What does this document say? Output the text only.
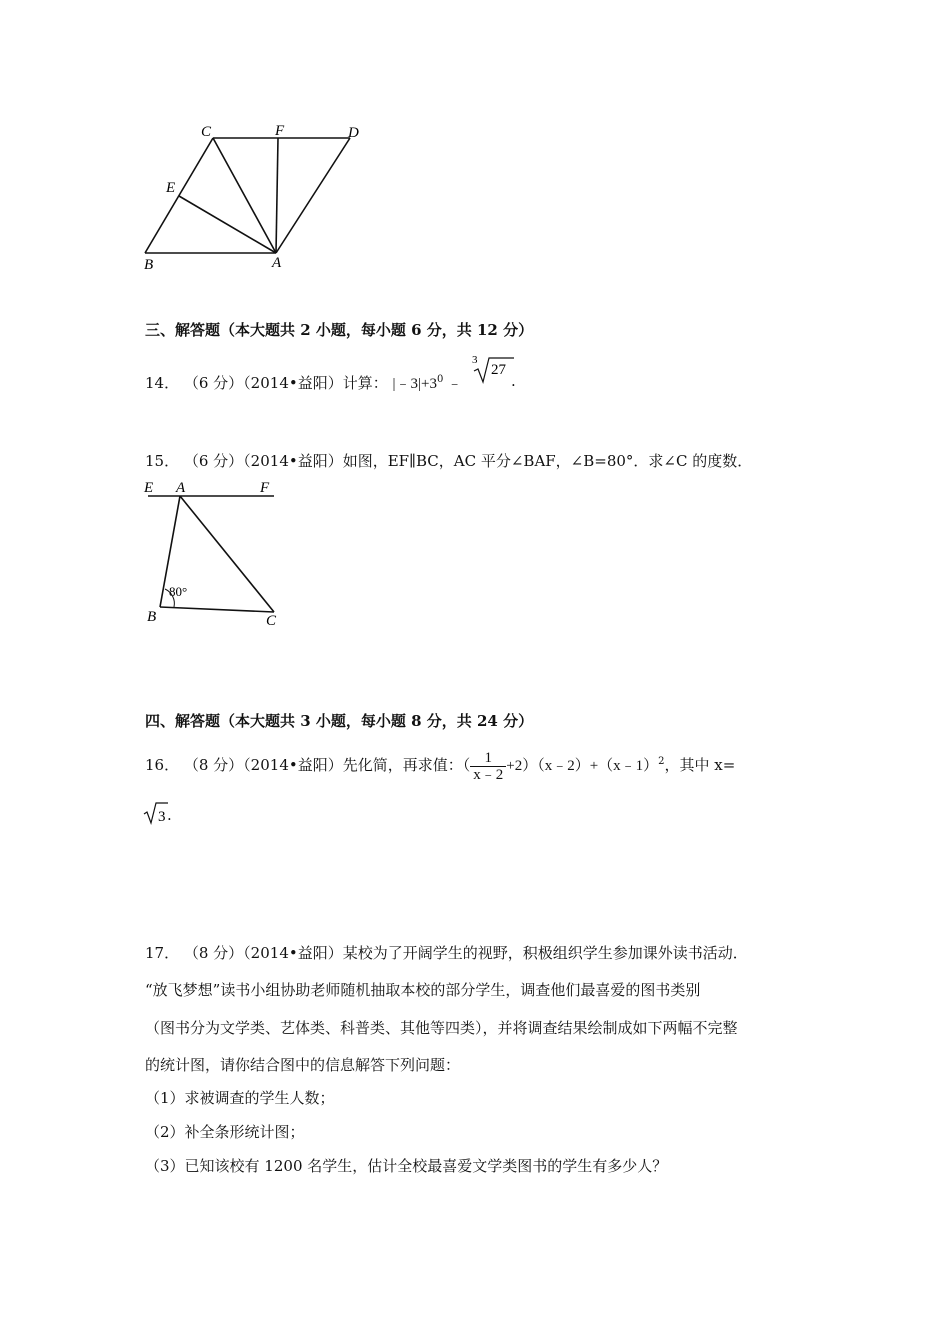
C	F	D
E
B	A
三、解答题（本大题共 2 小题，每小题 6 分，共 12 分）
14． （6 分）（2014•益阳）计算： $|﹣3|+3^0$ ﹣
3
27
.
15． （6 分）（2014•益阳）如图，EF∥BC，AC 平分∠BAF，∠B=80°．求∠C 的度数．
E A	F
B	C
80°
四、解答题（本大题共 3 小题，每小题 8 分，共 24 分）
16． （8 分）（2014•益阳）先化简，再求值：（ $\frac{1}{x﹣2}$ +2）（x﹣2）+（x﹣1）$^2$，其中 x=
3 .
17． （8 分）（2014•益阳）某校为了开阔学生的视野，积极组织学生参加课外读书活动．
“放飞梦想”读书小组协助老师随机抽取本校的部分学生，调查他们最喜爱的图书类别
（图书分为文学类、艺体类、科普类、其他等四类），并将调查结果绘制成如下两幅不完整
的统计图，请你结合图中的信息解答下列问题：
（1）求被调查的学生人数；
（2）补全条形统计图；
（3）已知该校有 1200 名学生，估计全校最喜爱文学类图书的学生有多少人？
